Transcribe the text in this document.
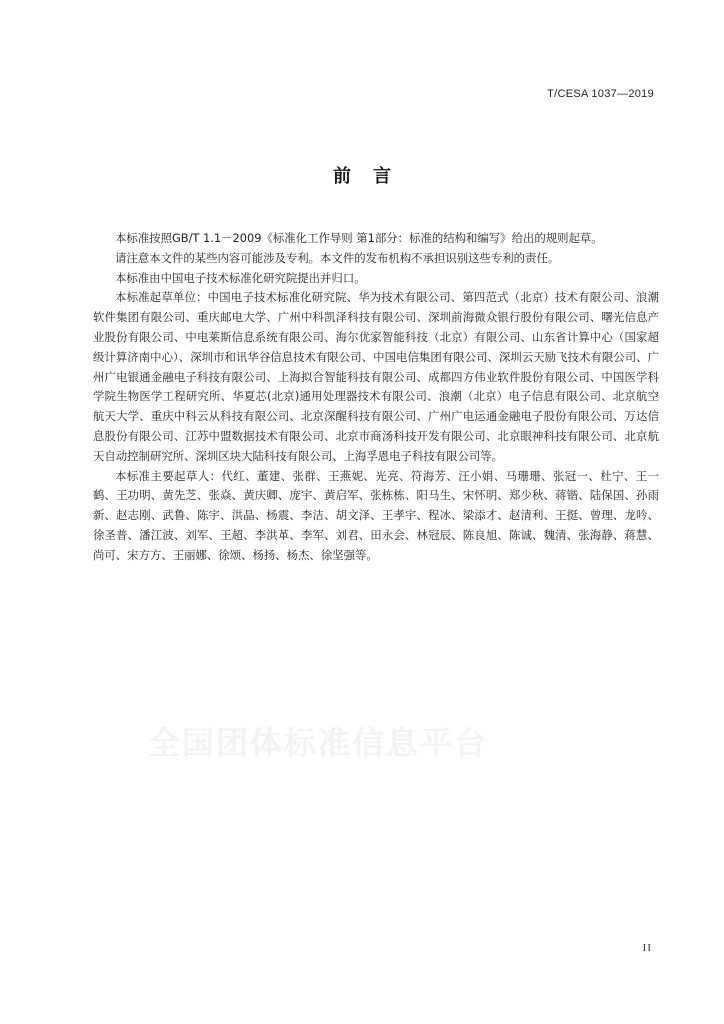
T/CESA 1037—2019
前言

本标准按照GB/T 1.1－2009《标准化工作导则 第1部分：标准的结构和编写》给出的规则起草。

请注意本文件的某些内容可能涉及专利。本文件的发布机构不承担识别这些专利的责任。

本标准由中国电子技术标准化研究院提出并归口。

本标准起草单位：中国电子技术标准化研究院、华为技术有限公司、第四范式（北京）技术有限公司、浪潮软件集团有限公司、重庆邮电大学、广州中科凯泽科技有限公司、深圳前海微众银行股份有限公司、曙光信息产业股份有限公司、中电莱斯信息系统有限公司、海尔优家智能科技（北京）有限公司、山东省计算中心（国家超级计算济南中心）、深圳市和讯华谷信息技术有限公司、中国电信集团有限公司、深圳云天励飞技术有限公司、广州广电银通金融电子科技有限公司、上海拟合智能科技有限公司、成都四方伟业软件股份有限公司、中国医学科学院生物医学工程研究所、华夏芯(北京)通用处理器技术有限公司、浪潮（北京）电子信息有限公司、北京航空航天大学、重庆中科云从科技有限公司、北京深醒科技有限公司、广州广电运通金融电子股份有限公司、万达信息股份有限公司、江苏中盟数据技术有限公司、北京市商汤科技开发有限公司、北京眼神科技有限公司、北京航天自动控制研究所、深圳区块大陆科技有限公司、上海孚恩电子科技有限公司等。

本标准主要起草人：代红、董建、张群、王燕妮、光亮、符海芳、汪小娟、马珊珊、张冠一、杜宁、王一鹤、王功明、黄先芝、张焱、黄庆卿、庞宇、黄启军、张栋栋、阳马生、宋怀明、郑少秋、蒋锴、陆保国、孙雨新、赵志刚、武鲁、陈宇、洪晶、杨震、李洁、胡文泽、王孝宇、程冰、梁添才、赵清利、王挺、曾理、龙吟、徐圣普、潘江波、刘军、王超、李洪革、李军、刘君、田永会、林冠辰、陈良旭、陈诚、魏清、张海静、蒋慧、尚可、宋方方、王丽娜、徐颂、杨扬、杨杰、徐坚强等。

全国团体标准信息平台
II
